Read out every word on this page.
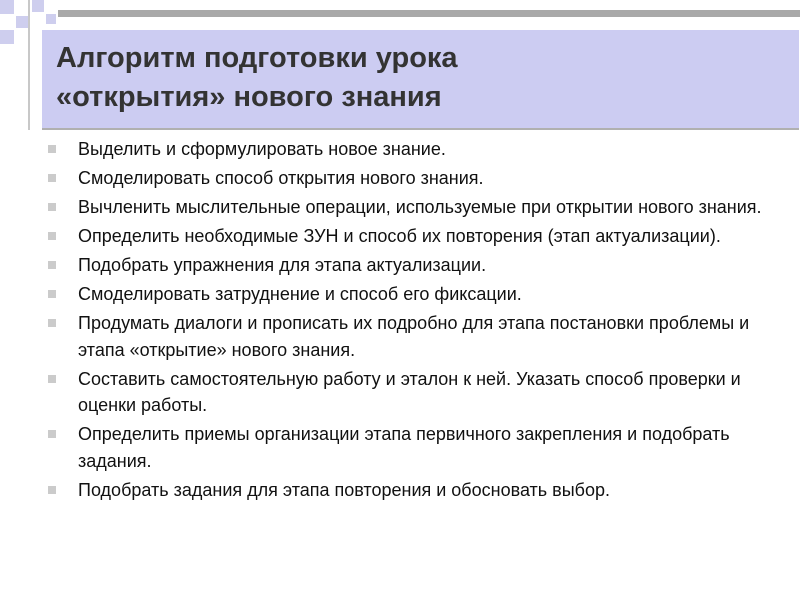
Алгоритм подготовки урока
«открытия» нового знания
Выделить и сформулировать новое знание.
Смоделировать способ открытия нового знания.
Вычленить мыслительные операции, используемые при открытии нового знания.
Определить необходимые ЗУН и способ их повторения (этап актуализации).
Подобрать упражнения для этапа актуализации.
Смоделировать затруднение и способ его фиксации.
Продумать диалоги и прописать их подробно для этапа постановки проблемы и этапа «открытие» нового знания.
Составить самостоятельную работу и эталон к ней. Указать способ проверки и оценки работы.
Определить приемы организации этапа первичного закрепления и подобрать задания.
Подобрать задания для этапа повторения и обосновать выбор.
